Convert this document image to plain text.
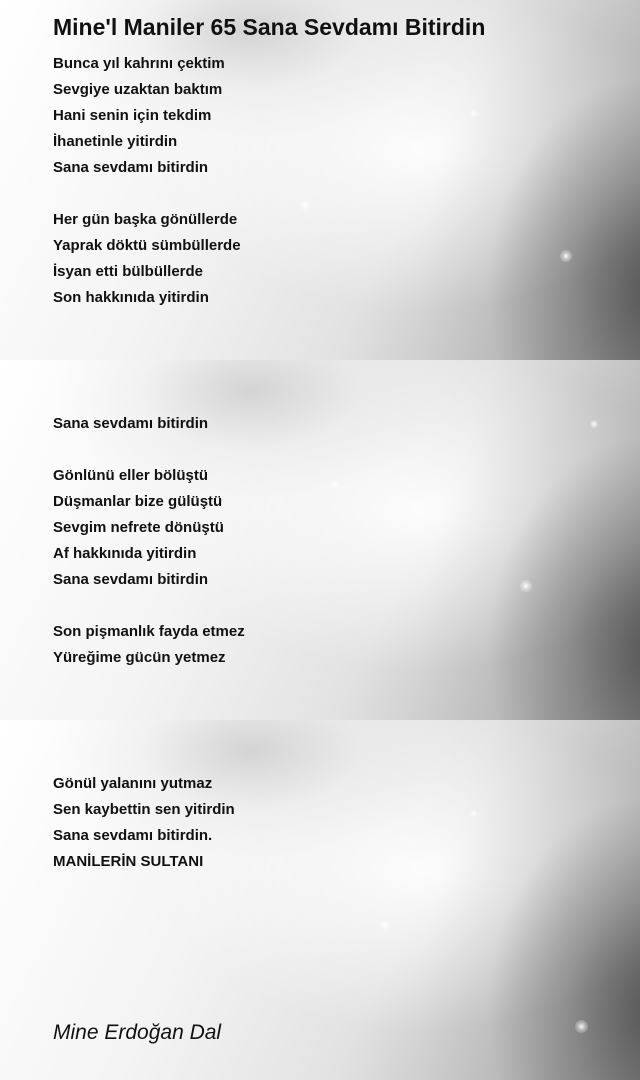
Mine'l Maniler 65 Sana Sevdamı Bitirdin
Bunca yıl kahrını çektim
Sevgiye uzaktan baktım
Hani senin için tekdim
İhanetinle yitirdin
Sana sevdamı bitirdin
Her gün başka gönüllerde
Yaprak döktü sümbüllerde
İsyan etti bülbüllerde
Son hakkınıda yitirdin
Sana sevdamı bitirdin
Gönlünü eller bölüştü
Düşmanlar bize gülüştü
Sevgim nefrete dönüştü
Af hakkınıda yitirdin
Sana sevdamı bitirdin
Son pişmanlık fayda etmez
Yüreğime gücün yetmez
Gönül yalanını yutmaz
Sen kaybettin sen yitirdin
Sana sevdamı bitirdin.
MANİLERİN SULTANI
Mine Erdoğan Dal
